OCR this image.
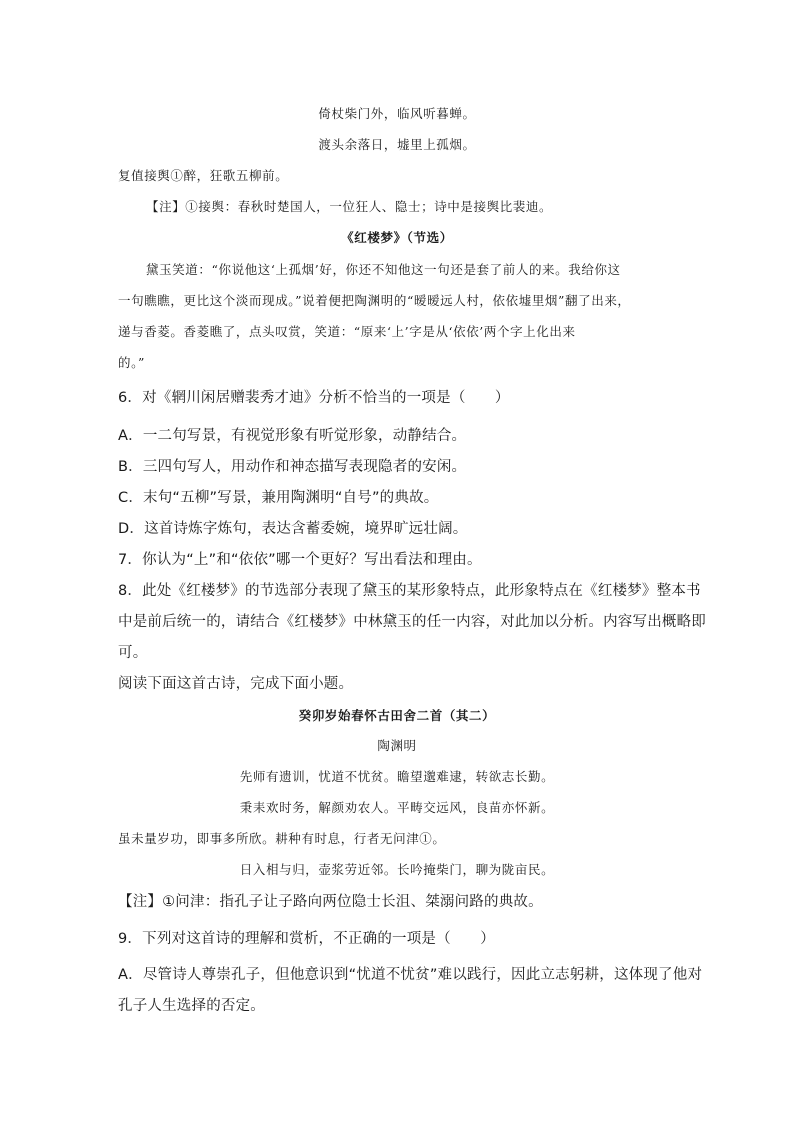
倚杖柴门外，临风听暮蝉。
渡头余落日，墟里上孤烟。
复值接舆①醉，狂歌五柳前。
【注】①接舆：春秋时楚国人，一位狂人、隐士；诗中是接舆比裴迪。
《红楼梦》（节选）
黛玉笑道：“你说他这‘上孤烟’好，你还不知他这一句还是套了前人的来。我给你这
一句瞧瞧，更比这个淡而现成。”说着便把陶渊明的“暧暧远人村，依依墟里烟”翻了出来，
递与香菱。香菱瞧了，点头叹赏，笑道：“原来‘上’字是从‘依依’两个字上化出来
的。”
6．对《辋川闲居赠裴秀才迪》分析不恰当的一项是（　　）
A．一二句写景，有视觉形象有听觉形象，动静结合。
B．三四句写人，用动作和神态描写表现隐者的安闲。
C．末句“五柳”写景，兼用陶渊明“自号”的典故。
D．这首诗炼字炼句，表达含蓄委婉，境界旷远壮阔。
7．你认为“上”和“依依”哪一个更好？写出看法和理由。
8．此处《红楼梦》的节选部分表现了黛玉的某形象特点，此形象特点在《红楼梦》整本书
中是前后统一的，请结合《红楼梦》中林黛玉的任一内容，对此加以分析。内容写出概略即
可。
阅读下面这首古诗，完成下面小题。
癸卯岁始春怀古田舍二首（其二）
陶渊明
先师有遗训，忧道不忧贫。瞻望邈难逮，转欲志长勤。
秉耒欢时务，解颜劝农人。平畴交远风，良苗亦怀新。
虽未量岁功，即事多所欣。耕种有时息，行者无问津①。
日入相与归，壶浆劳近邻。长吟掩柴门，聊为陇亩民。
【注】①问津：指孔子让子路向两位隐士长沮、桀溺问路的典故。
9．下列对这首诗的理解和赏析，不正确的一项是（　　）
A．尽管诗人尊崇孔子，但他意识到“忧道不忧贫”难以践行，因此立志躬耕，这体现了他对
孔子人生选择的否定。
